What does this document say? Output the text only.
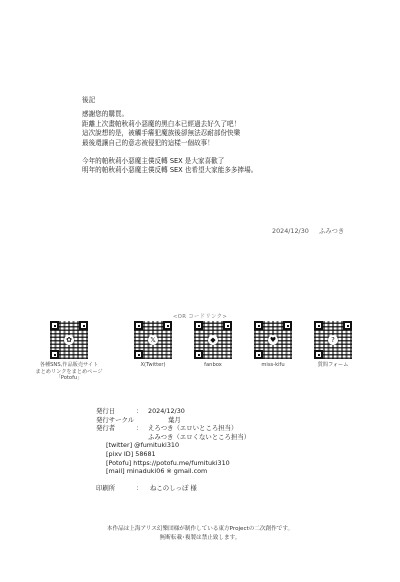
後記
感謝您的購買。
距離上次畫帕秋莉小惡魔的黑白本已經過去好久了吧！
這次說想的是，被觸手癢犯魔族後卻無法忍耐部份快樂
最後還讓自己的意志被侵犯的這樣一個故事！
今年的帕秋莉小惡魔主僕反轉 SEX 是大家喜歡了
明年的帕秋莉小惡魔主僕反轉 SEX 也希望大家能多多捧場。
2024/12/30 ふみつき
<OR コードリンク>
✿
各種SNS,作品販売サイト
まとめリンクをまとめページ
「Potofu」
𝕏
X(Twitter)
◆
fanbox
♥
miss-kifu
?
質問フォーム
発行日	： 2024/12/30
発行サークル	葉月
発行者	： えろつき（エロいところ担当）
ふみつき（エロくないところ担当）
[twitter] @fumituki310
[pixv ID] 58681
[Potofu] https://potofu.me/fumituki310
[mail] minaduki06 ※ gmail.com
印刷所	：	ねこのしっぽ 様
本作品は上海アリス幻樂団様が制作している東方Projectの二次創作です。
無断転載･複製は禁止致します。
